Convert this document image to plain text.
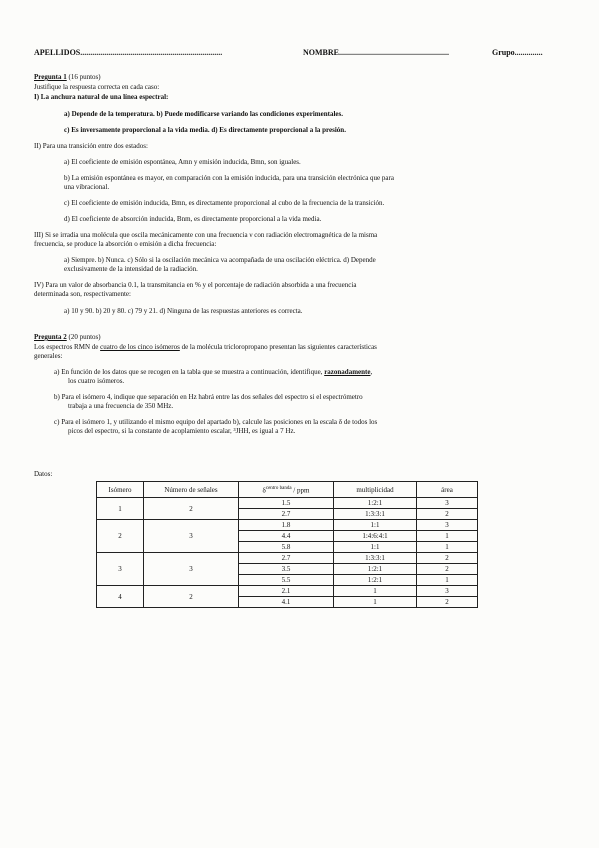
APELLIDOS.......................................................................	NOMBRE.......................................................	Grupo..............
Pregunta 1 (16 puntos)
Justifique la respuesta correcta en cada caso:
I) La anchura natural de una línea espectral:
a) Depende de la temperatura. b) Puede modificarse variando las condiciones experimentales.
c) Es inversamente proporcional a la vida media. d) Es directamente proporcional a la presión.
II) Para una transición entre dos estados:
a) El coeficiente de emisión espontánea, Amn y emisión inducida, Bmn, son iguales.
b) La emisión espontánea es mayor, en comparación con la emisión inducida, para una transición electrónica que para
una vibracional.
c) El coeficiente de emisión inducida, Bmn, es directamente proporcional al cubo de la frecuencia de la transición.
d) El coeficiente de absorción inducida, Bnm, es directamente proporcional a la vida media.
III) Si se irradia una molécula que oscila mecánicamente con una frecuencia ν con radiación electromagnética de la misma
frecuencia, se produce la absorción o emisión a dicha frecuencia:
a) Siempre. b) Nunca. c) Sólo si la oscilación mecánica va acompañada de una oscilación eléctrica. d) Depende
exclusivamente de la intensidad de la radiación.
IV) Para un valor de absorbancia 0.1, la transmitancia en % y el porcentaje de radiación absorbida a una frecuencia
determinada son, respectivamente:
a) 10 y 90. b) 20 y 80. c) 79 y 21. d) Ninguna de las respuestas anteriores es correcta.
Pregunta 2 (20 puntos)
Los espectros RMN de cuatro de los cinco isómeros de la molécula tricloropropano presentan las siguientes características
generales:
a) En función de los datos que se recogen en la tabla que se muestra a continuación, identifique, razonadamente,
los cuatro isómeros.
b) Para el isómero 4, indique que separación en Hz habrá entre las dos señales del espectro si el espectrómetro
trabaja a una frecuencia de 350 MHz.
c) Para el isómero 1, y utilizando el mismo equipo del apartado b), calcule las posiciones en la escala δ de todos los
picos del espectro, si la constante de acoplamiento escalar, ³JHH, es igual a 7 Hz.
Datos:
Isómero	Número de señales	$\delta^{centro banda}$ / ppm	multiplicidad	área
1	2	1.5	1:2:1	3
		2.7	1:3:3:1	2
2	3	1.8	1:1	3
		4.4	1:4:6:4:1	1
		5.8	1:1	1
3	3	2.7	1:3:3:1	2
		3.5	1:2:1	2
		5.5	1:2:1	1
4	2	2.1	1	3
		4.1	1	2
